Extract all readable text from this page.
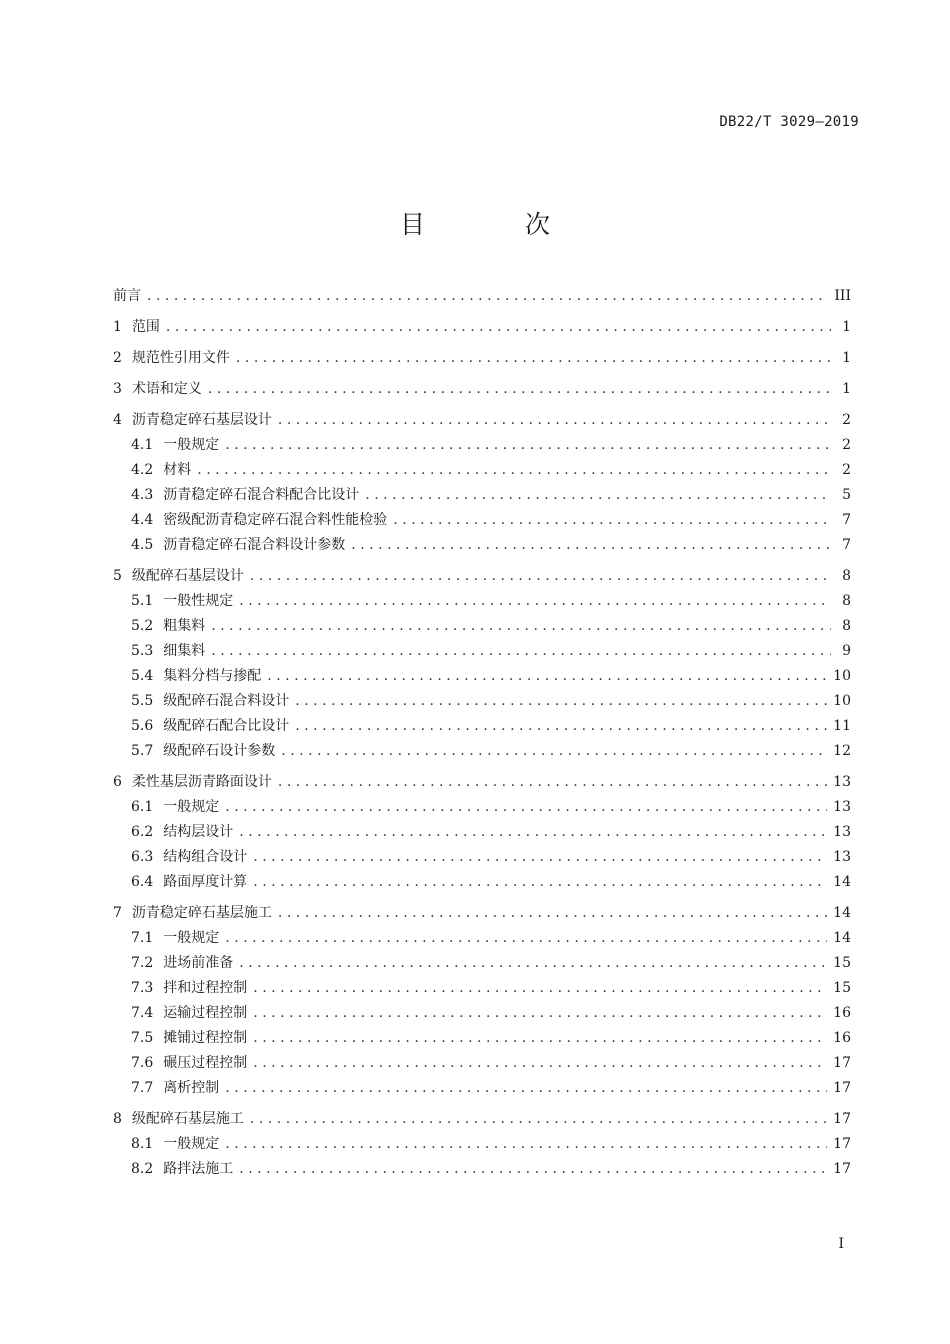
DB22/T 3029—2019
目 次
前言 .....	III
1 范围 .....	1
2 规范性引用文件 .....	1
3 术语和定义 .....	1
4 沥青稳定碎石基层设计 .....	2
4.1 一般规定 .....	2
4.2 材料 .....	2
4.3 沥青稳定碎石混合料配合比设计 .....	5
4.4 密级配沥青稳定碎石混合料性能检验 .....	7
4.5 沥青稳定碎石混合料设计参数 .....	7
5 级配碎石基层设计 .....	8
5.1 一般性规定 .....	8
5.2 粗集料 .....	8
5.3 细集料 .....	9
5.4 集料分档与掺配 .....	10
5.5 级配碎石混合料设计 .....	10
5.6 级配碎石配合比设计 .....	11
5.7 级配碎石设计参数 .....	12
6 柔性基层沥青路面设计 .....	13
6.1 一般规定 .....	13
6.2 结构层设计 .....	13
6.3 结构组合设计 .....	13
6.4 路面厚度计算 .....	14
7 沥青稳定碎石基层施工 .....	14
7.1 一般规定 .....	14
7.2 进场前准备 .....	15
7.3 拌和过程控制 .....	15
7.4 运输过程控制 .....	16
7.5 摊铺过程控制 .....	16
7.6 碾压过程控制 .....	17
7.7 离析控制 .....	17
8 级配碎石基层施工 .....	17
8.1 一般规定 .....	17
8.2 路拌法施工 .....	17
I
